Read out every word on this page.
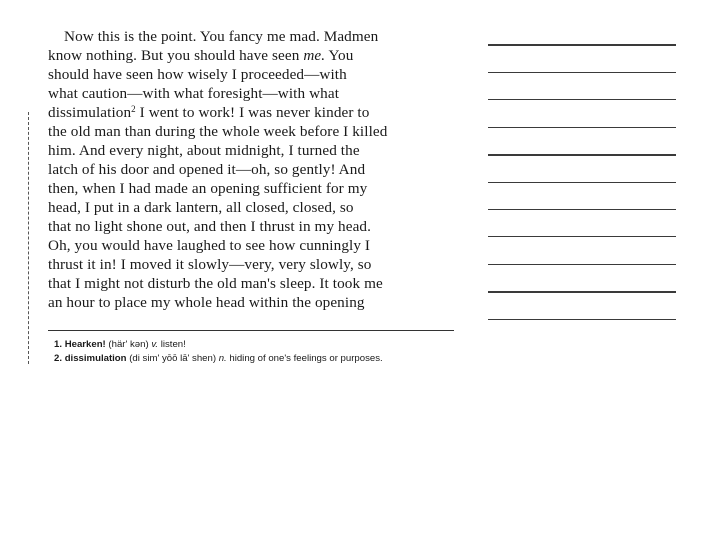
Now this is the point. You fancy me mad. Madmen
know nothing. But you should have seen me. You
should have seen how wisely I proceeded—with
what caution—with what foresight—with what
dissimulation$^2$ I went to work! I was never kinder to
the old man than during the whole week before I killed
him. And every night, about midnight, I turned the
latch of his door and opened it—oh, so gently! And
then, when I had made an opening sufficient for my
head, I put in a dark lantern, all closed, closed, so
that no light shone out, and then I thrust in my head.
Oh, you would have laughed to see how cunningly I
thrust it in! I moved it slowly—very, very slowly, so
that I might not disturb the old man's sleep. It took me
an hour to place my whole head within the opening
1. Hearken! (här' kən) v. listen!
2. dissimulation (di sim' yōō lā' shen) n. hiding of one's feelings or purposes.
